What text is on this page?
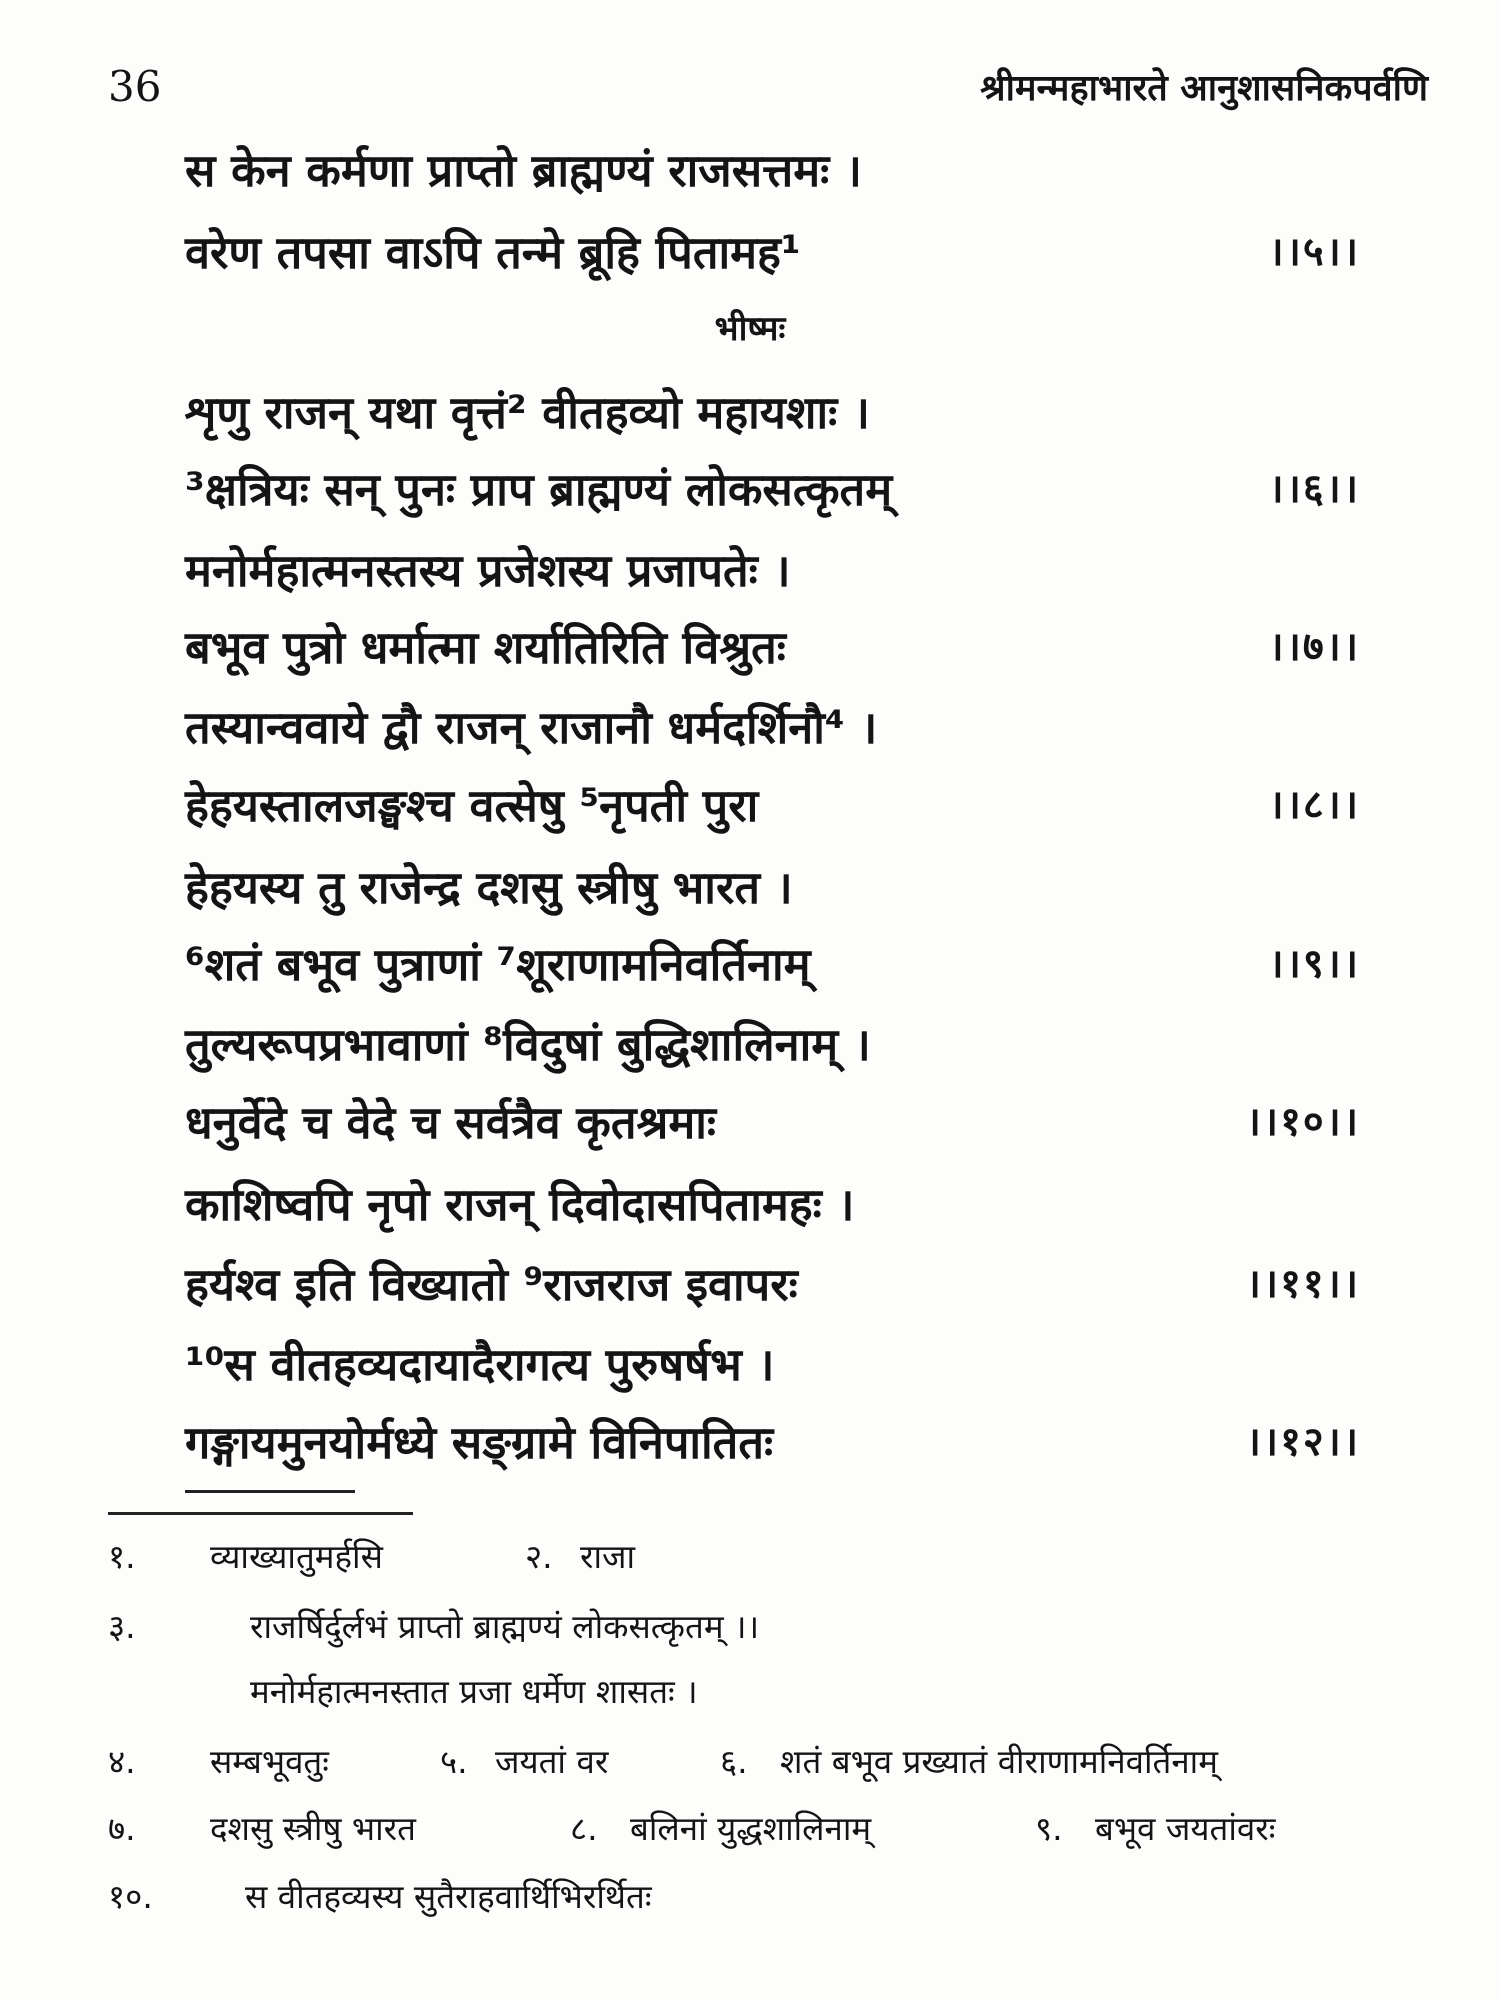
36	श्रीमन्महाभारते आनुशासनिकपर्वणि
स केन कर्मणा प्राप्तो ब्राह्मण्यं राजसत्तमः ।
वरेण तपसा वाऽपि तन्मे ब्रूहि पितामह¹	।।५।।
भीष्मः
शृणु राजन् यथा वृत्तं² वीतहव्यो महायशाः ।
³क्षत्रियः सन् पुनः प्राप ब्राह्मण्यं लोकसत्कृतम्	।।६।।
मनोर्महात्मनस्तस्य प्रजेशस्य प्रजापतेः ।
बभूव पुत्रो धर्मात्मा शर्यातिरिति विश्रुतः	।।७।।
तस्यान्ववाये द्वौ राजन् राजानौ धर्मदर्शिनौ⁴ ।
हेहयस्तालजङ्घश्च वत्सेषु ⁵नृपती पुरा	।।८।।
हेहयस्य तु राजेन्द्र दशसु स्त्रीषु भारत ।
⁶शतं बभूव पुत्राणां ⁷शूराणामनिवर्तिनाम्	।।९।।
तुल्यरूपप्रभावाणां ⁸विदुषां बुद्धिशालिनाम् ।
धनुर्वेदे च वेदे च सर्वत्रैव कृतश्रमाः	।।१०।।
काशिष्वपि नृपो राजन् दिवोदासपितामहः ।
हर्यश्व इति विख्यातो ⁹राजराज इवापरः	।।११।।
¹⁰स वीतहव्यदायादैरागत्य पुरुषर्षभ ।
गङ्गायमुनयोर्मध्ये सङ्ग्रामे विनिपातितः	।।१२।।
१. व्याख्यातुमर्हसि	२. राजा
३.	राजर्षिर्दुर्लभं प्राप्तो ब्राह्मण्यं लोकसत्कृतम् ।।
मनोर्महात्मनस्तात प्रजा धर्मेण शासतः ।
४. सम्बभूवतुः	५. जयतां वर	६. शतं बभूव प्रख्यातं वीराणामनिवर्तिनाम्
७. दशसु स्त्रीषु भारत	८. बलिनां युद्धशालिनाम्	९. बभूव जयतांवरः
१०.	स वीतहव्यस्य सुतैराहवार्थिभिरर्थितः
